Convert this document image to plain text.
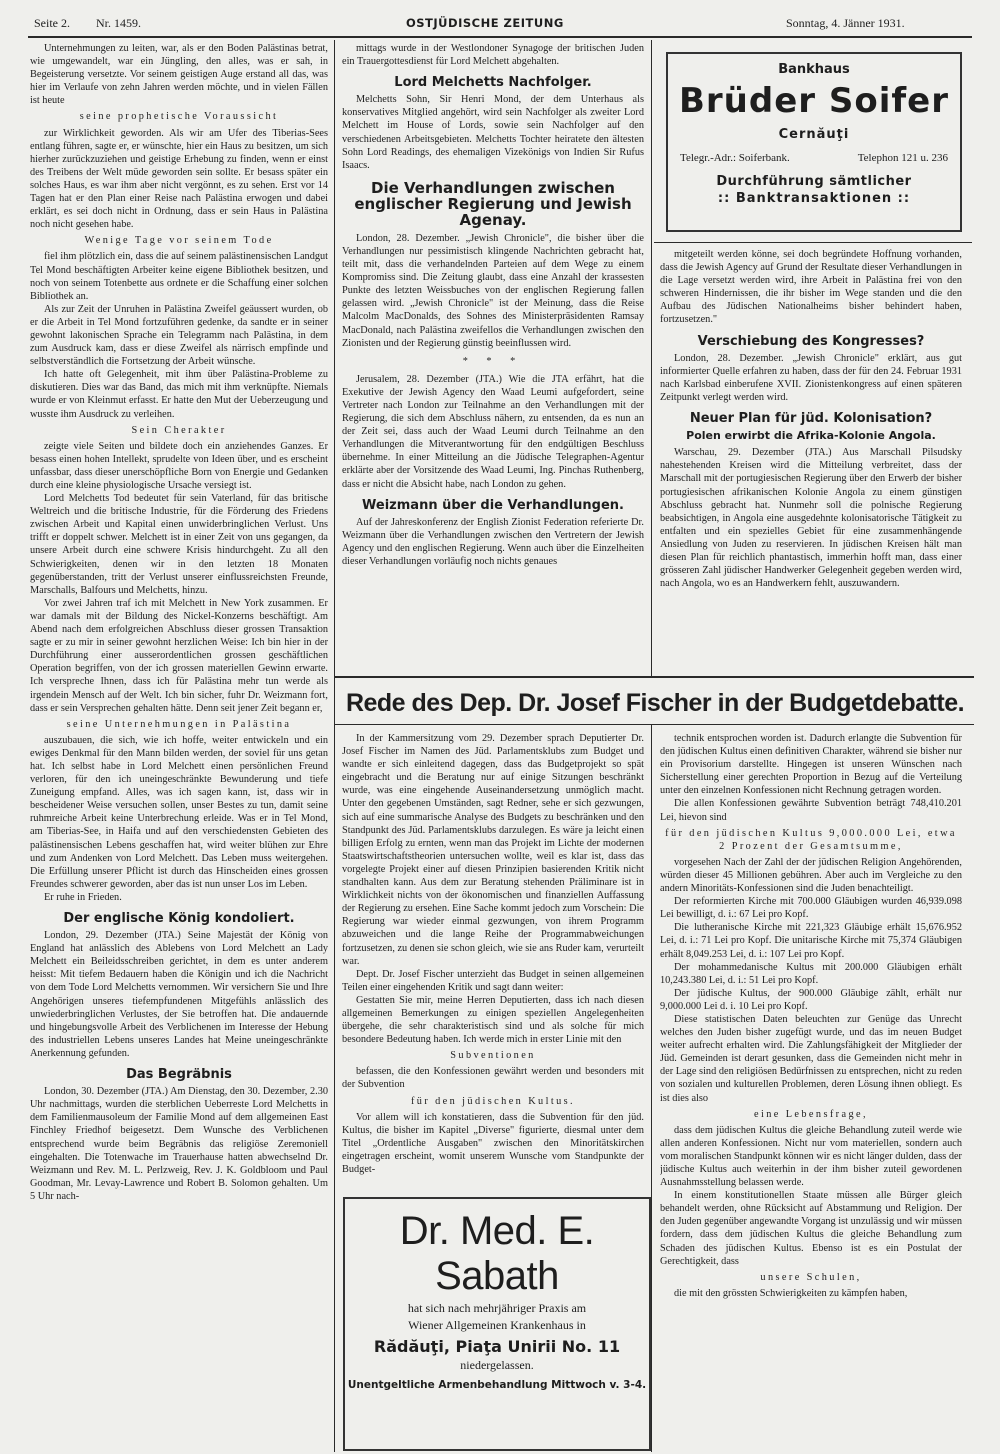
Seite 2. Nr. 1459.	OSTJÜDISCHE ZEITUNG	Sonntag, 4. Jänner 1931.

Unternehmungen zu leiten, war, als er den Boden Palästinas betrat, wie umgewandelt, war ein Jüngling, den alles, was er sah, in Begeisterung versetzte. Vor seinem geistigen Auge erstand all das, was hier im Verlaufe von zehn Jahren werden möchte, und in vielen Fällen ist heute

seine prophetische Voraussicht

zur Wirklichkeit geworden. Als wir am Ufer des Tiberias-Sees entlang führen, sagte er, er wünschte, hier ein Haus zu besitzen, um sich hierher zurückzuziehen und geistige Erhebung zu finden, wenn er einst des Treibens der Welt müde geworden sein sollte. Er besass später ein solches Haus, es war ihm aber nicht vergönnt, es zu sehen. Erst vor 14 Tagen hat er den Plan einer Reise nach Palästina erwogen und dabei erklärt, es sei doch nicht in Ordnung, dass er sein Haus in Palästina noch nicht gesehen habe.

Wenige Tage vor seinem Tode

fiel ihm plötzlich ein, dass die auf seinem palästinensischen Landgut Tel Mond beschäftigten Arbeiter keine eigene Bibliothek besitzen, und noch von seinem Totenbette aus ordnete er die Schaffung einer solchen Bibliothek an.

Als zur Zeit der Unruhen in Palästina Zweifel geäussert wurden, ob er die Arbeit in Tel Mond fortzuführen gedenke, da sandte er in seiner gewohnt lakonischen Sprache ein Telegramm nach Palästina, in dem zum Ausdruck kam, dass er diese Zweifel als närrisch empfinde und selbstverständlich die Fortsetzung der Arbeit wünsche.

Ich hatte oft Gelegenheit, mit ihm über Palästina-Probleme zu diskutieren. Dies war das Band, das mich mit ihm verknüpfte. Niemals wurde er von Kleinmut erfasst. Er hatte den Mut der Ueberzeugung und wusste ihm Ausdruck zu verleihen.

Sein Cherakter

zeigte viele Seiten und bildete doch ein anziehendes Ganzes. Er besass einen hohen Intellekt, sprudelte von Ideen über, und es erscheint unfassbar, dass dieser unerschöpfliche Born von Energie und Gedanken durch eine kleine physiologische Ursache versiegt ist.

Lord Melchetts Tod bedeutet für sein Vaterland, für das britische Weltreich und die britische Industrie, für die Förderung des Friedens zwischen Arbeit und Kapital einen unwiderbringlichen Verlust. Uns trifft er doppelt schwer. Melchett ist in einer Zeit von uns gegangen, da unsere Arbeit durch eine schwere Krisis hindurchgeht. Zu all den Schwierigkeiten, denen wir in den letzten 18 Monaten gegenüberstanden, tritt der Verlust unserer einflussreichsten Freunde, Marschalls, Balfours und Melchetts, hinzu.

Vor zwei Jahren traf ich mit Melchett in New York zusammen. Er war damals mit der Bildung des Nickel-Konzerns beschäftigt. Am Abend nach dem erfolgreichen Abschluss dieser grossen Transaktion sagte er zu mir in seiner gewohnt herzlichen Weise: Ich bin hier in der Durchführung einer ausserordentlichen grossen geschäftlichen Operation begriffen, von der ich grossen materiellen Gewinn erwarte. Ich verspreche Ihnen, dass ich für Palästina mehr tun werde als irgendein Mensch auf der Welt. Ich bin sicher, fuhr Dr. Weizmann fort, dass er sein Versprechen gehalten hätte. Denn seit jener Zeit begann er,

seine Unternehmungen in Palästina

auszubauen, die sich, wie ich hoffe, weiter entwickeln und ein ewiges Denkmal für den Mann bilden werden, der soviel für uns getan hat. Ich selbst habe in Lord Melchett einen persönlichen Freund verloren, für den ich uneingeschränkte Bewunderung und tiefe Zuneigung empfand. Alles, was ich sagen kann, ist, dass wir in bescheidener Weise versuchen sollen, unser Bestes zu tun, damit seine ruhmreiche Arbeit keine Unterbrechung erleide. Was er in Tel Mond, am Tiberias-See, in Haifa und auf den verschiedensten Gebieten des palästinensischen Lebens geschaffen hat, wird weiter blühen zur Ehre und zum Andenken von Lord Melchett. Das Leben muss weitergehen. Die Erfüllung unserer Pflicht ist durch das Hinscheiden eines grossen Freundes schwerer geworden, aber das ist nun unser Los im Leben.

Er ruhe in Frieden.

Der englische König kondoliert.

London, 29. Dezember (JTA.) Seine Majestät der König von England hat anlässlich des Ablebens von Lord Melchett an Lady Melchett ein Beileidsschreiben gerichtet, in dem es unter anderem heisst: Mit tiefem Bedauern haben die Königin und ich die Nachricht von dem Tode Lord Melchetts vernommen. Wir versichern Sie und Ihre Angehörigen unseres tiefempfundenen Mitgefühls anlässlich des unwiederbringlichen Verlustes, der Sie betroffen hat. Die andauernde und hingebungsvolle Arbeit des Verblichenen im Interesse der Hebung des industriellen Lebens unseres Landes hat Meine uneingeschränkte Anerkennung gefunden.

Das Begräbnis

London, 30. Dezember (JTA.) Am Dienstag, den 30. Dezember, 2.30 Uhr nachmittags, wurden die sterblichen Ueberreste Lord Melchetts in dem Familienmausoleum der Familie Mond auf dem allgemeinen East Finchley Friedhof beigesetzt. Dem Wunsche des Verblichenen entsprechend wurde beim Begräbnis das religiöse Zeremoniell eingehalten. Die Totenwache im Trauerhause hatten abwechselnd Dr. Weizmann und Rev. M. L. Perlzweig, Rev. J. K. Goldbloom und Paul Goodman, Mr. Levay-Lawrence und Robert B. Solomon gehalten. Um 5 Uhr nach-

mittags wurde in der Westlondoner Synagoge der britischen Juden ein Trauergottesdienst für Lord Melchett abgehalten.

Lord Melchetts Nachfolger.

Melchetts Sohn, Sir Henri Mond, der dem Unterhaus als konservatives Mitglied angehört, wird sein Nachfolger als zweiter Lord Melchett im House of Lords, sowie sein Nachfolger auf den verschiedenen Arbeitsgebieten. Melchetts Tochter heiratete den ältesten Sohn Lord Readings, des ehemaligen Vizekönigs von Indien Sir Rufus Isaacs.

Die Verhandlungen zwischen englischer Regierung und Jewish Agenay.

London, 28. Dezember. „Jewish Chronicle", die bisher über die Verhandlungen nur pessimistisch klingende Nachrichten gebracht hat, teilt mit, dass die verhandelnden Parteien auf dem Wege zu einem Kompromiss sind. Die Zeitung glaubt, dass eine Anzahl der krassesten Punkte des letzten Weissbuches von der englischen Regierung fallen gelassen wird. „Jewish Chronicle" ist der Meinung, dass die Reise Malcolm MacDonalds, des Sohnes des Ministerpräsidenten Ramsay MacDonald, nach Palästina zweifellos die Verhandlungen zwischen den Zionisten und der Regierung günstig beeinflussen wird.

* * *

Jerusalem, 28. Dezember (JTA.) Wie die JTA erfährt, hat die Exekutive der Jewish Agency den Waad Leumi aufgefordert, seine Vertreter nach London zur Teilnahme an den Verhandlungen mit der Regierung, die sich dem Abschluss nähern, zu entsenden, da es nun an der Zeit sei, dass auch der Waad Leumi durch Teilnahme an den Verhandlungen die Mitverantwortung für den endgültigen Beschluss übernehme. In einer Mitteilung an die Jüdische Telegraphen-Agentur erklärte aber der Vorsitzende des Waad Leumi, Ing. Pinchas Ruthenberg, dass er nicht die Absicht habe, nach London zu gehen.

Weizmann über die Verhandlungen.

Auf der Jahreskonferenz der English Zionist Federation referierte Dr. Weizmann über die Verhandlungen zwischen den Vertretern der Jewish Agency und den englischen Regierung. Wenn auch über die Einzelheiten dieser Verhandlungen vorläufig noch nichts genaues

Bankhaus
Brüder Soifer
Cernăuţi
Telegr.-Adr.: Soiferbank.	Telephon 121 u. 236
Durchführung sämtlicher
:: Banktransaktionen ::

mitgeteilt werden könne, sei doch begründete Hoffnung vorhanden, dass die Jewish Agency auf Grund der Resultate dieser Verhandlungen in die Lage versetzt werden wird, ihre Arbeit in Palästina frei von den schweren Hindernissen, die ihr bisher im Wege standen und die den Aufbau des Jüdischen Nationalheims bisher behindert haben, fortzusetzen."

Verschiebung des Kongresses?

London, 28. Dezember. „Jewish Chronicle" erklärt, aus gut informierter Quelle erfahren zu haben, dass der für den 24. Februar 1931 nach Karlsbad einberufene XVII. Zionistenkongress auf einen späteren Zeitpunkt verlegt werden wird.

Neuer Plan für jüd. Kolonisation?
Polen erwirbt die Afrika-Kolonie Angola.

Warschau, 29. Dezember (JTA.) Aus Marschall Pilsudsky nahestehenden Kreisen wird die Mitteilung verbreitet, dass der Marschall mit der portugiesischen Regierung über den Erwerb der bisher portugiesischen afrikanischen Kolonie Angola zu einem günstigen Abschluss gebracht hat. Nunmehr soll die polnische Regierung beabsichtigen, in Angola eine ausgedehnte kolonisatorische Tätigkeit zu entfalten und ein spezielles Gebiet für eine zusammenhängende Ansiedlung von Juden zu reservieren. In jüdischen Kreisen hält man diesen Plan für reichlich phantastisch, immerhin hofft man, dass einer grösseren Zahl jüdischer Handwerker Gelegenheit gegeben werden wird, nach Angola, wo es an Handwerkern fehlt, auszuwandern.

Rede des Dep. Dr. Josef Fischer in der Budgetdebatte.

In der Kammersitzung vom 29. Dezember sprach Deputierter Dr. Josef Fischer im Namen des Jüd. Parlamentsklubs zum Budget und wandte er sich einleitend dagegen, dass das Budgetprojekt so spät eingebracht und die Beratung nur auf einige Sitzungen beschränkt wurde, was eine eingehende Auseinandersetzung unmöglich macht. Unter den gegebenen Umständen, sagt Redner, sehe er sich gezwungen, sich auf eine summarische Analyse des Budgets zu beschränken und den Standpunkt des Jüd. Parlamentsklubs darzulegen. Es wäre ja leicht einen billigen Erfolg zu ernten, wenn man das Projekt im Lichte der modernen Staatswirtschaftstheorien untersuchen wollte, weil es klar ist, dass das vorgelegte Projekt einer auf diesen Prinzipien basierenden Kritik nicht standhalten kann. Aus dem zur Beratung stehenden Präliminare ist in Wirklichkeit nichts von der ökonomischen und finanziellen Auffassung der Regierung zu ersehen. Eine Sache kommt jedoch zum Vorschein: Die Regierung war wieder einmal gezwungen, von ihrem Programm abzuweichen und die lange Reihe der Programmabweichungen fortzusetzen, zu denen sie schon gleich, wie sie ans Ruder kam, verurteilt war.

Dept. Dr. Josef Fischer unterzieht das Budget in seinen allgemeinen Teilen einer eingehenden Kritik und sagt dann weiter:

Gestatten Sie mir, meine Herren Deputierten, dass ich nach diesen allgemeinen Bemerkungen zu einigen speziellen Angelegenheiten übergehe, die sehr charakteristisch sind und als solche für mich besondere Bedeutung haben. Ich werde mich in erster Linie mit den

Subventionen

befassen, die den Konfessionen gewährt werden und besonders mit der Subvention

für den jüdischen Kultus.

Vor allem will ich konstatieren, dass die Subvention für den jüd. Kultus, die bisher im Kapitel „Diverse" figurierte, diesmal unter dem Titel „Ordentliche Ausgaben" zwischen den Minoritätskirchen eingetragen erscheint, womit unserem Wunsche vom Standpunkte der Budget-

Dr. Med. E. Sabath
hat sich nach mehrjähriger Praxis am
Wiener Allgemeinen Krankenhaus in
Rădăuţi, Piaţa Unirii No. 11
niedergelassen.
Unentgeltliche Armenbehandlung Mittwoch v. 3-4.

technik entsprochen worden ist. Dadurch erlangte die Subvention für den jüdischen Kultus einen definitiven Charakter, während sie bisher nur ein Provisorium darstellte. Hingegen ist unseren Wünschen nach Sicherstellung einer gerechten Proportion in Bezug auf die Verteilung unter den einzelnen Konfessionen nicht Rechnung getragen worden.

Die allen Konfessionen gewährte Subvention beträgt 748,410.201 Lei, hievon sind

für den jüdischen Kultus 9,000.000 Lei, etwa 2 Prozent der Gesamtsumme,

vorgesehen Nach der Zahl der der jüdischen Religion Angehörenden, würden dieser 45 Millionen gebühren. Aber auch im Vergleiche zu den andern Minoritäts-Konfessionen sind die Juden benachteiligt.

Der reformierten Kirche mit 700.000 Gläubigen wurden 46,939.098 Lei bewilligt, d. i.: 67 Lei pro Kopf.

Die lutheranische Kirche mit 221,323 Gläubige erhält 15,676.952 Lei, d. i.: 71 Lei pro Kopf. Die unitarische Kirche mit 75,374 Gläubigen erhält 8,049.253 Lei, d. i.: 107 Lei pro Kopf.

Der mohammedanische Kultus mit 200.000 Gläubigen erhält 10,243.380 Lei, d. i.: 51 Lei pro Kopf.

Der jüdische Kultus, der 900.000 Gläubige zählt, erhält nur 9,000.000 Lei d. i. 10 Lei pro Kopf.

Diese statistischen Daten beleuchten zur Genüge das Unrecht welches den Juden bisher zugefügt wurde, und das im neuen Budget weiter aufrecht erhalten wird. Die Zahlungsfähigkeit der Mitglieder der Jüd. Gemeinden ist derart gesunken, dass die Gemeinden nicht mehr in der Lage sind den religiösen Bedürfnissen zu entsprechen, nicht zu reden von sozialen und kulturellen Problemen, deren Lösung ihnen obliegt. Es ist dies also

eine Lebensfrage,

dass dem jüdischen Kultus die gleiche Behandlung zuteil werde wie allen anderen Konfessionen. Nicht nur vom materiellen, sondern auch vom moralischen Standpunkt können wir es nicht länger dulden, dass der jüdische Kultus auch weiterhin in der ihm bisher zuteil gewordenen Ausnahmsstellung belassen werde.

In einem konstitutionellen Staate müssen alle Bürger gleich behandelt werden, ohne Rücksicht auf Abstammung und Religion. Der den Juden gegenüber angewandte Vorgang ist unzulässig und wir müssen fordern, dass dem jüdischen Kultus die gleiche Behandlung zum Schaden des jüdischen Kultus. Ebenso ist es ein Postulat der Gerechtigkeit, dass

unsere Schulen,

die mit den grössten Schwierigkeiten zu kämpfen haben,
